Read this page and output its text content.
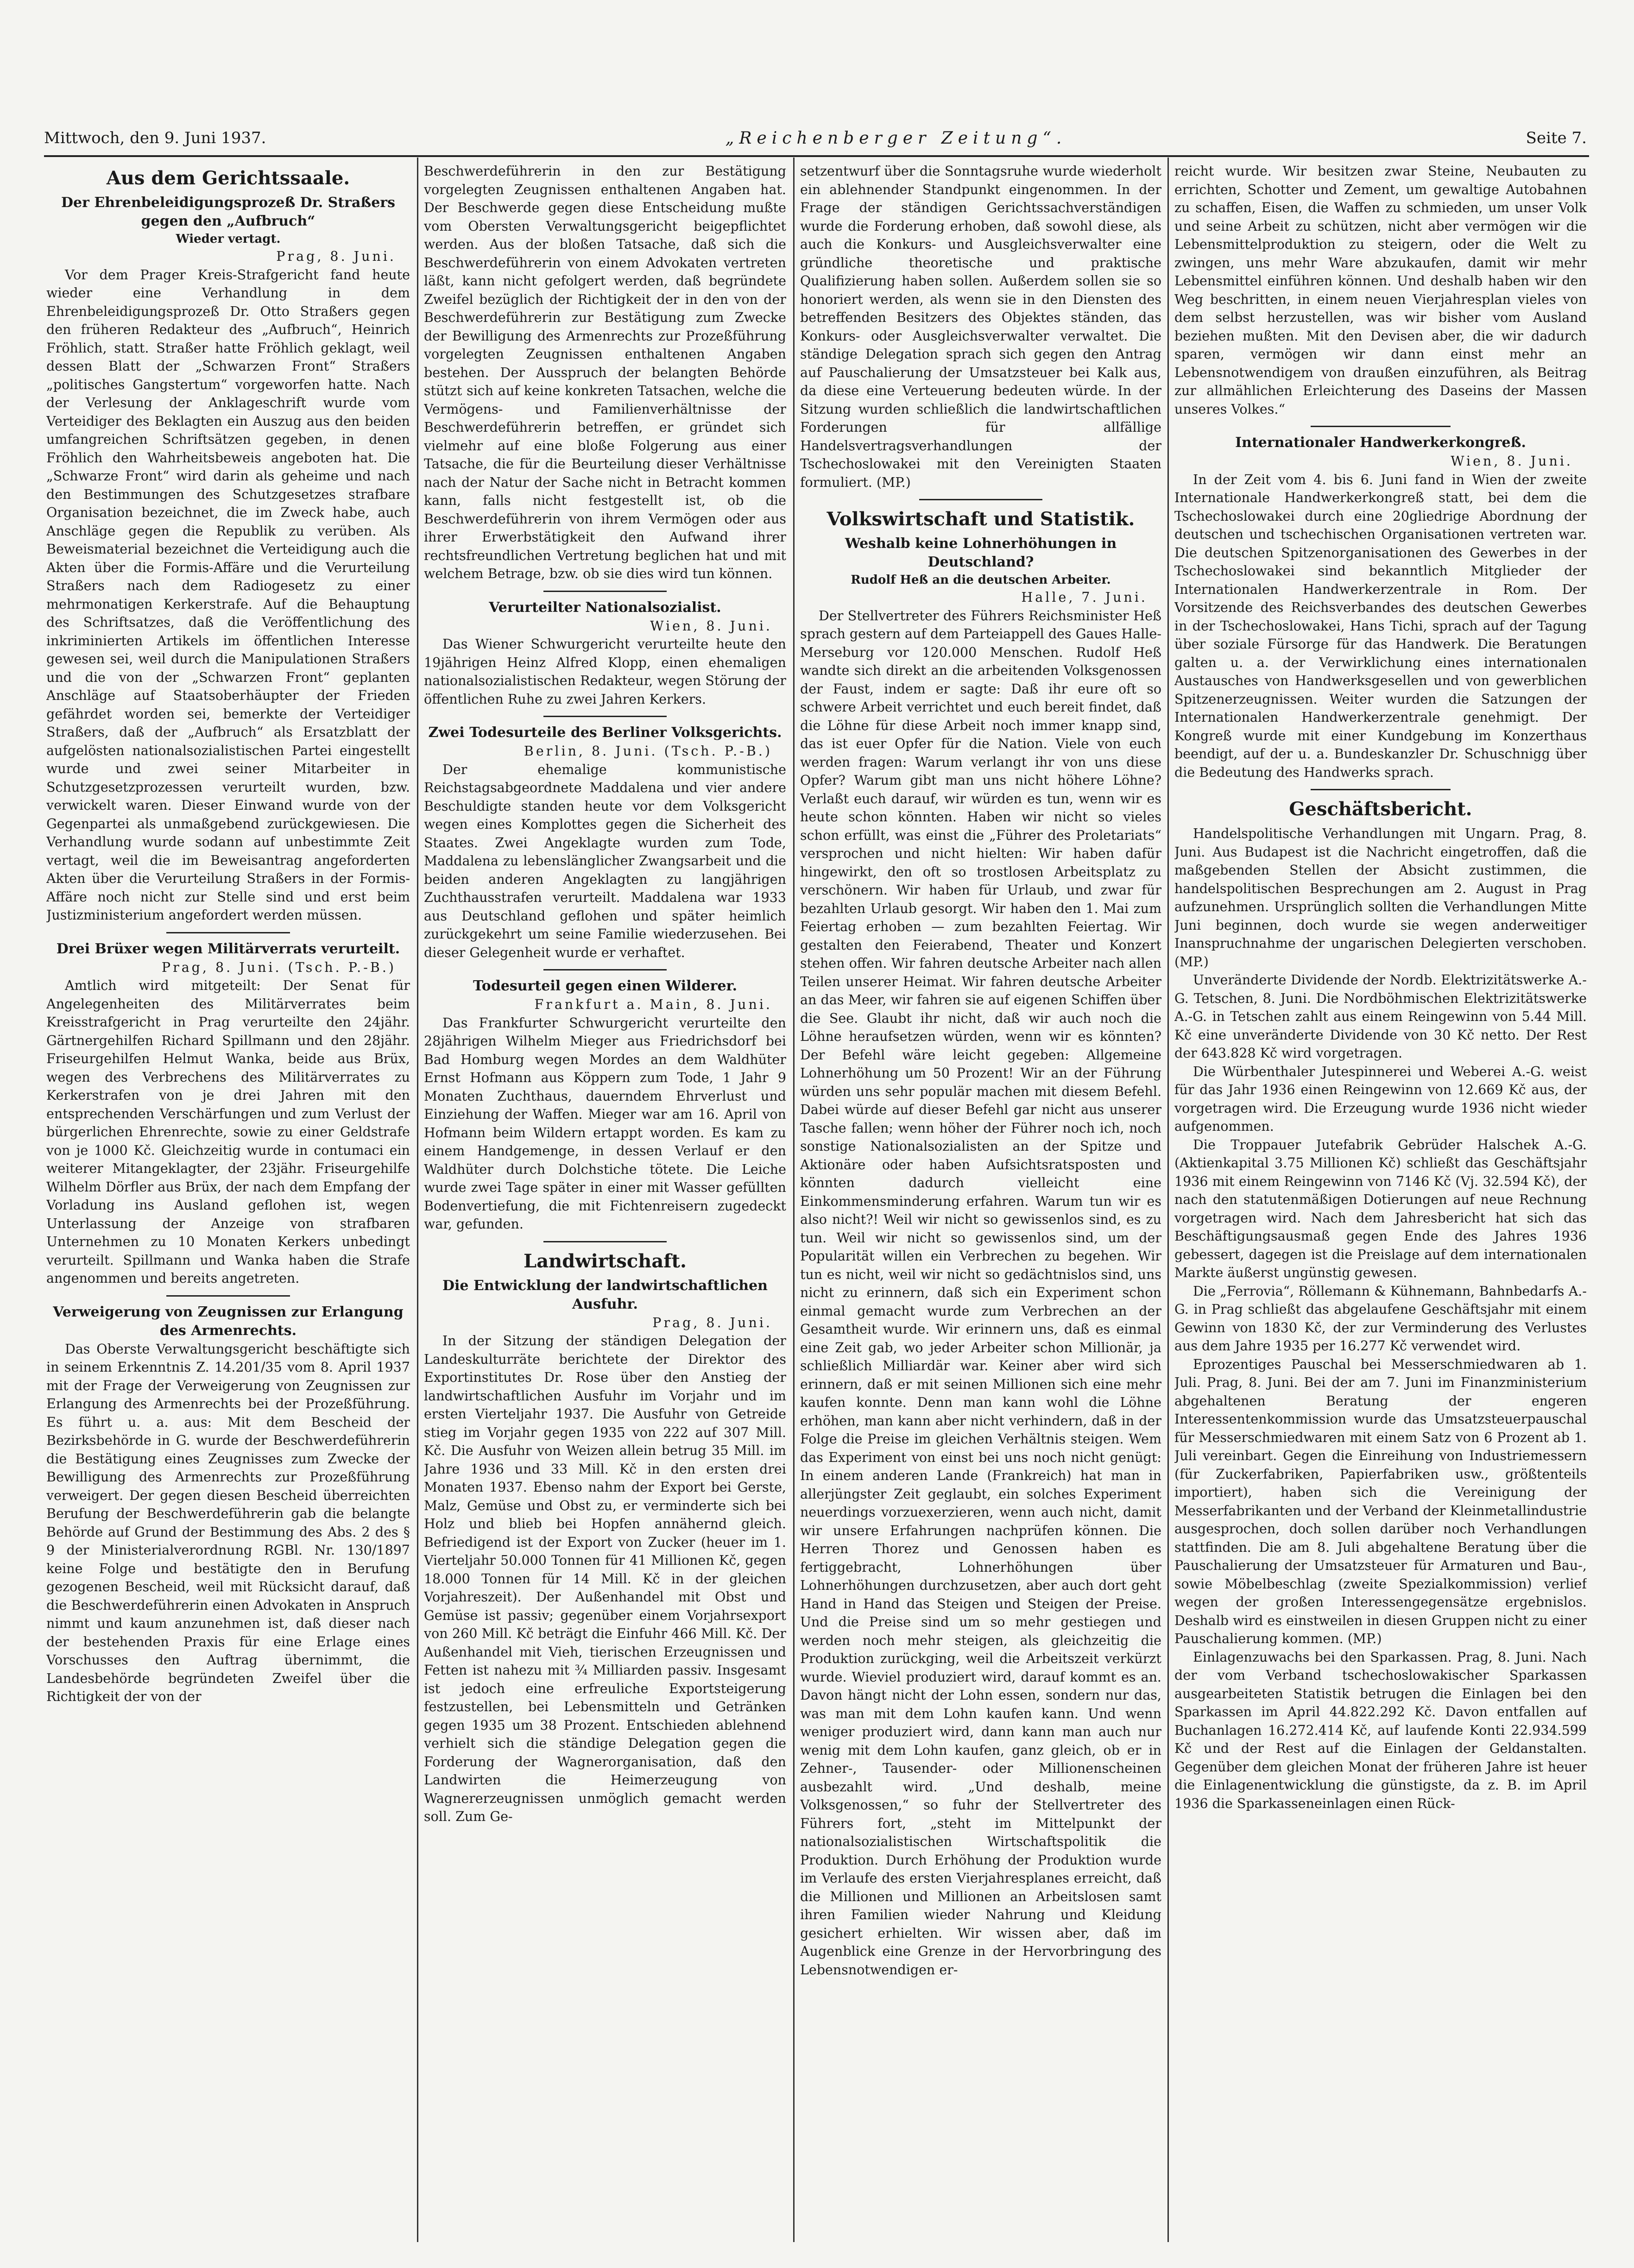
Mittwoch, den 9. Juni 1937.	„Reichenberger Zeitung“.	Seite 7.
Aus dem Gerichtssaale.
Der Ehrenbeleidigungsprozeß Dr. Straßers gegen den „Aufbruch“
Wieder vertagt.
Prag, 8. Juni.

Vor dem Prager Kreis-Strafgericht fand heute wieder eine Verhandlung in dem Ehrenbeleidigungsprozeß Dr. Otto Straßers gegen den früheren Redakteur des „Aufbruch“, Heinrich Fröhlich, statt. Straßer hatte Fröhlich geklagt, weil dessen Blatt der „Schwarzen Front“ Straßers „politisches Gangstertum“ vorgeworfen hatte. Nach der Verlesung der Anklageschrift wurde vom Verteidiger des Beklagten ein Auszug aus den beiden umfangreichen Schriftsätzen gegeben, in denen Fröhlich den Wahrheitsbeweis angeboten hat. Die „Schwarze Front“ wird darin als geheime und nach den Bestimmungen des Schutzgesetzes strafbare Organisation bezeichnet, die im Zweck habe, auch Anschläge gegen die Republik zu verüben. Als Beweismaterial bezeichnet die Verteidigung auch die Akten über die Formis-Affäre und die Verurteilung Straßers nach dem Radiogesetz zu einer mehrmonatigen Kerkerstrafe. Auf die Behauptung des Schriftsatzes, daß die Veröffentlichung des inkriminierten Artikels im öffentlichen Interesse gewesen sei, weil durch die Manipulationen Straßers und die von der „Schwarzen Front“ geplanten Anschläge auf Staatsoberhäupter der Frieden gefährdet worden sei, bemerkte der Verteidiger Straßers, daß der „Aufbruch“ als Ersatzblatt der aufgelösten nationalsozialistischen Partei eingestellt wurde und zwei seiner Mitarbeiter in Schutzgesetzprozessen verurteilt wurden, bzw. verwickelt waren. Dieser Einwand wurde von der Gegenpartei als unmaßgebend zurückgewiesen. Die Verhandlung wurde sodann auf unbestimmte Zeit vertagt, weil die im Beweisantrag angeforderten Akten über die Verurteilung Straßers in der Formis-Affäre noch nicht zur Stelle sind und erst beim Justizministerium angefordert werden müssen.

Drei Brüxer wegen Militärverrats verurteilt.
Prag, 8. Juni. (Tsch. P.-B.)

Amtlich wird mitgeteilt: Der Senat für Angelegenheiten des Militärverrates beim Kreisstrafgericht in Prag verurteilte den 24jähr. Gärtnergehilfen Richard Spillmann und den 28jähr. Friseurgehilfen Helmut Wanka, beide aus Brüx, wegen des Verbrechens des Militärverrates zu Kerkerstrafen von je drei Jahren mit den entsprechenden Verschärfungen und zum Verlust der bürgerlichen Ehrenrechte, sowie zu einer Geldstrafe von je 1000 Kč. Gleichzeitig wurde in contumaci ein weiterer Mitangeklagter, der 23jähr. Friseurgehilfe Wilhelm Dörfler aus Brüx, der nach dem Empfang der Vorladung ins Ausland geflohen ist, wegen Unterlassung der Anzeige von strafbaren Unternehmen zu 10 Monaten Kerkers unbedingt verurteilt. Spillmann und Wanka haben die Strafe angenommen und bereits angetreten.

Verweigerung von Zeugnissen zur Erlangung des Armenrechts.

Das Oberste Verwaltungsgericht beschäftigte sich in seinem Erkenntnis Z. 14.201/35 vom 8. April 1937 mit der Frage der Verweigerung von Zeugnissen zur Erlangung des Armenrechts bei der Prozeßführung. Es führt u. a. aus: Mit dem Bescheid der Bezirksbehörde in G. wurde der Beschwerdeführerin die Bestätigung eines Zeugnisses zum Zwecke der Bewilligung des Armenrechts zur Prozeßführung verweigert. Der gegen diesen Bescheid überreichten Berufung der Beschwerdeführerin gab die belangte Behörde auf Grund der Bestimmung des Abs. 2 des § 9 der Ministerialverordnung RGBl. Nr. 130/1897 keine Folge und bestätigte den in Berufung gezogenen Bescheid, weil mit Rücksicht darauf, daß die Beschwerdeführerin einen Advokaten in Anspruch nimmt und kaum anzunehmen ist, daß dieser nach der bestehenden Praxis für eine Erlage eines Vorschusses den Auftrag übernimmt, die Landesbehörde begründeten Zweifel über die Richtigkeit der von der

Beschwerdeführerin in den zur Bestätigung vorgelegten Zeugnissen enthaltenen Angaben hat. Der Beschwerde gegen diese Entscheidung mußte vom Obersten Verwaltungsgericht beigepflichtet werden. Aus der bloßen Tatsache, daß sich die Beschwerdeführerin von einem Advokaten vertreten läßt, kann nicht gefolgert werden, daß begründete Zweifel bezüglich der Richtigkeit der in den von der Beschwerdeführerin zur Bestätigung zum Zwecke der Bewilligung des Armenrechts zur Prozeßführung vorgelegten Zeugnissen enthaltenen Angaben bestehen. Der Ausspruch der belangten Behörde stützt sich auf keine konkreten Tatsachen, welche die Vermögens- und Familienverhältnisse der Beschwerdeführerin betreffen, er gründet sich vielmehr auf eine bloße Folgerung aus einer Tatsache, die für die Beurteilung dieser Verhältnisse nach der Natur der Sache nicht in Betracht kommen kann, falls nicht festgestellt ist, ob die Beschwerdeführerin von ihrem Vermögen oder aus ihrer Erwerbstätigkeit den Aufwand ihrer rechtsfreundlichen Vertretung beglichen hat und mit welchem Betrage, bzw. ob sie dies wird tun können.

Verurteilter Nationalsozialist.
Wien, 8. Juni.

Das Wiener Schwurgericht verurteilte heute den 19jährigen Heinz Alfred Klopp, einen ehemaligen nationalsozialistischen Redakteur, wegen Störung der öffentlichen Ruhe zu zwei Jahren Kerkers.

Zwei Todesurteile des Berliner Volksgerichts.
Berlin, 8. Juni. (Tsch. P.-B.)

Der ehemalige kommunistische Reichstagsabgeordnete Maddalena und vier andere Beschuldigte standen heute vor dem Volksgericht wegen eines Komplottes gegen die Sicherheit des Staates. Zwei Angeklagte wurden zum Tode, Maddalena zu lebenslänglicher Zwangsarbeit und die beiden anderen Angeklagten zu langjährigen Zuchthausstrafen verurteilt. Maddalena war 1933 aus Deutschland geflohen und später heimlich zurückgekehrt um seine Familie wiederzusehen. Bei dieser Gelegenheit wurde er verhaftet.

Todesurteil gegen einen Wilderer.
Frankfurt a. Main, 8. Juni.

Das Frankfurter Schwurgericht verurteilte den 28jährigen Wilhelm Mieger aus Friedrichsdorf bei Bad Homburg wegen Mordes an dem Waldhüter Ernst Hofmann aus Köppern zum Tode, 1 Jahr 9 Monaten Zuchthaus, dauerndem Ehrverlust und Einziehung der Waffen. Mieger war am 16. April von Hofmann beim Wildern ertappt worden. Es kam zu einem Handgemenge, in dessen Verlauf er den Waldhüter durch Dolchstiche tötete. Die Leiche wurde zwei Tage später in einer mit Wasser gefüllten Bodenvertiefung, die mit Fichtenreisern zugedeckt war, gefunden.

Landwirtschaft.
Die Entwicklung der landwirtschaftlichen Ausfuhr.
Prag, 8. Juni.

In der Sitzung der ständigen Delegation der Landeskulturräte berichtete der Direktor des Exportinstitutes Dr. Rose über den Anstieg der landwirtschaftlichen Ausfuhr im Vorjahr und im ersten Vierteljahr 1937. Die Ausfuhr von Getreide stieg im Vorjahr gegen 1935 von 222 auf 307 Mill. Kč. Die Ausfuhr von Weizen allein betrug 35 Mill. im Jahre 1936 und 33 Mill. Kč in den ersten drei Monaten 1937. Ebenso nahm der Export bei Gerste, Malz, Gemüse und Obst zu, er verminderte sich bei Holz und blieb bei Hopfen annähernd gleich. Befriedigend ist der Export von Zucker (heuer im 1. Vierteljahr 50.000 Tonnen für 41 Millionen Kč, gegen 18.000 Tonnen für 14 Mill. Kč in der gleichen Vorjahreszeit). Der Außenhandel mit Obst und Gemüse ist passiv; gegenüber einem Vorjahrsexport von 260 Mill. Kč beträgt die Einfuhr 466 Mill. Kč. Der Außenhandel mit Vieh, tierischen Erzeugnissen und Fetten ist nahezu mit ¾ Milliarden passiv. Insgesamt ist jedoch eine erfreuliche Exportsteigerung festzustellen, bei Lebensmitteln und Getränken gegen 1935 um 38 Prozent. Entschieden ablehnend verhielt sich die ständige Delegation gegen die Forderung der Wagnerorganisation, daß den Landwirten die Heimerzeugung von Wagnererzeugnissen unmöglich gemacht werden soll. Zum Ge-

setzentwurf über die Sonntagsruhe wurde wiederholt ein ablehnender Standpunkt eingenommen. In der Frage der ständigen Gerichtssachverständigen wurde die Forderung erhoben, daß sowohl diese, als auch die Konkurs- und Ausgleichsverwalter eine gründliche theoretische und praktische Qualifizierung haben sollen. Außerdem sollen sie so honoriert werden, als wenn sie in den Diensten des betreffenden Besitzers des Objektes ständen, das Konkurs- oder Ausgleichsverwalter verwaltet. Die ständige Delegation sprach sich gegen den Antrag auf Pauschalierung der Umsatzsteuer bei Kalk aus, da diese eine Verteuerung bedeuten würde. In der Sitzung wurden schließlich die landwirtschaftlichen Forderungen für allfällige Handelsvertragsverhandlungen der Tschechoslowakei mit den Vereinigten Staaten formuliert. (MP.)

Volkswirtschaft und Statistik.
Weshalb keine Lohnerhöhungen in Deutschland?
Rudolf Heß an die deutschen Arbeiter.
Halle, 7. Juni.

Der Stellvertreter des Führers Reichsminister Heß sprach gestern auf dem Parteiappell des Gaues Halle-Merseburg vor 120.000 Menschen. Rudolf Heß wandte sich direkt an die arbeitenden Volksgenossen der Faust, indem er sagte: Daß ihr eure oft so schwere Arbeit verrichtet und euch bereit findet, daß die Löhne für diese Arbeit noch immer knapp sind, das ist euer Opfer für die Nation. Viele von euch werden fragen: Warum verlangt ihr von uns diese Opfer? Warum gibt man uns nicht höhere Löhne? Verlaßt euch darauf, wir würden es tun, wenn wir es heute schon könnten. Haben wir nicht so vieles schon erfüllt, was einst die „Führer des Proletariats“ versprochen und nicht hielten: Wir haben dafür hingewirkt, den oft so trostlosen Arbeitsplatz zu verschönern. Wir haben für Urlaub, und zwar für bezahlten Urlaub gesorgt. Wir haben den 1. Mai zum Feiertag erhoben — zum bezahlten Feiertag. Wir gestalten den Feierabend, Theater und Konzert stehen offen. Wir fahren deutsche Arbeiter nach allen Teilen unserer Heimat. Wir fahren deutsche Arbeiter an das Meer, wir fahren sie auf eigenen Schiffen über die See. Glaubt ihr nicht, daß wir auch noch die Löhne heraufsetzen würden, wenn wir es könnten? Der Befehl wäre leicht gegeben: Allgemeine Lohnerhöhung um 50 Prozent! Wir an der Führung würden uns sehr populär machen mit diesem Befehl. Dabei würde auf dieser Befehl gar nicht aus unserer Tasche fallen; wenn höher der Führer noch ich, noch sonstige Nationalsozialisten an der Spitze und Aktionäre oder haben Aufsichtsratsposten und könnten dadurch vielleicht eine Einkommensminderung erfahren. Warum tun wir es also nicht?! Weil wir nicht so gewissenlos sind, es zu tun. Weil wir nicht so gewissenlos sind, um der Popularität willen ein Verbrechen zu begehen. Wir tun es nicht, weil wir nicht so gedächtnislos sind, uns nicht zu erinnern, daß sich ein Experiment schon einmal gemacht wurde zum Verbrechen an der Gesamtheit wurde. Wir erinnern uns, daß es einmal eine Zeit gab, wo jeder Arbeiter schon Millionär, ja schließlich Milliardär war. Keiner aber wird sich erinnern, daß er mit seinen Millionen sich eine mehr kaufen konnte. Denn man kann wohl die Löhne erhöhen, man kann aber nicht verhindern, daß in der Folge die Preise im gleichen Verhältnis steigen. Wem das Experiment von einst bei uns noch nicht genügt: In einem anderen Lande (Frankreich) hat man in allerjüngster Zeit geglaubt, ein solches Experiment neuerdings vorzuexerzieren, wenn auch nicht, damit wir unsere Erfahrungen nachprüfen können. Die Herren Thorez und Genossen haben es fertiggebracht, Lohnerhöhungen über Lohnerhöhungen durchzusetzen, aber auch dort geht Hand in Hand das Steigen und Steigen der Preise. Und die Preise sind um so mehr gestiegen und werden noch mehr steigen, als gleichzeitig die Produktion zurückging, weil die Arbeitszeit verkürzt wurde. Wieviel produziert wird, darauf kommt es an. Davon hängt nicht der Lohn essen, sondern nur das, was man mit dem Lohn kaufen kann. Und wenn weniger produziert wird, dann kann man auch nur wenig mit dem Lohn kaufen, ganz gleich, ob er in Zehner-, Tausender- oder Millionenscheinen ausbezahlt wird. „Und deshalb, meine Volksgenossen,“ so fuhr der Stellvertreter des Führers fort, „steht im Mittelpunkt der nationalsozialistischen Wirtschaftspolitik die Produktion. Durch Erhöhung der Produktion wurde im Verlaufe des ersten Vierjahresplanes erreicht, daß die Millionen und Millionen an Arbeitslosen samt ihren Familien wieder Nahrung und Kleidung gesichert erhielten. Wir wissen aber, daß im Augenblick eine Grenze in der Hervorbringung des Lebensnotwendigen er-

reicht wurde. Wir besitzen zwar Steine, Neubauten zu errichten, Schotter und Zement, um gewaltige Autobahnen zu schaffen, Eisen, die Waffen zu schmieden, um unser Volk und seine Arbeit zu schützen, nicht aber vermögen wir die Lebensmittelproduktion zu steigern, oder die Welt zu zwingen, uns mehr Ware abzukaufen, damit wir mehr Lebensmittel einführen können. Und deshalb haben wir den Weg beschritten, in einem neuen Vierjahresplan vieles von dem selbst herzustellen, was wir bisher vom Ausland beziehen mußten. Mit den Devisen aber, die wir dadurch sparen, vermögen wir dann einst mehr an Lebensnotwendigem von draußen einzuführen, als Beitrag zur allmählichen Erleichterung des Daseins der Massen unseres Volkes.“

Internationaler Handwerkerkongreß.
Wien, 8. Juni.

In der Zeit vom 4. bis 6. Juni fand in Wien der zweite Internationale Handwerkerkongreß statt, bei dem die Tschechoslowakei durch eine 20gliedrige Abordnung der deutschen und tschechischen Organisationen vertreten war. Die deutschen Spitzenorganisationen des Gewerbes in der Tschechoslowakei sind bekanntlich Mitglieder der Internationalen Handwerkerzentrale in Rom. Der Vorsitzende des Reichsverbandes des deutschen Gewerbes in der Tschechoslowakei, Hans Tichi, sprach auf der Tagung über soziale Fürsorge für das Handwerk. Die Beratungen galten u. a. der Verwirklichung eines internationalen Austausches von Handwerksgesellen und von gewerblichen Spitzenerzeugnissen. Weiter wurden die Satzungen der Internationalen Handwerkerzentrale genehmigt. Der Kongreß wurde mit einer Kundgebung im Konzerthaus beendigt, auf der u. a. Bundeskanzler Dr. Schuschnigg über die Bedeutung des Handwerks sprach.

Geschäftsbericht.

Handelspolitische Verhandlungen mit Ungarn. Prag, 8. Juni. Aus Budapest ist die Nachricht eingetroffen, daß die maßgebenden Stellen der Absicht zustimmen, die handelspolitischen Besprechungen am 2. August in Prag aufzunehmen. Ursprünglich sollten die Verhandlungen Mitte Juni beginnen, doch wurde sie wegen anderweitiger Inanspruchnahme der ungarischen Delegierten verschoben. (MP.)

Unveränderte Dividende der Nordb. Elektrizitätswerke A.-G. Tetschen, 8. Juni. Die Nordböhmischen Elektrizitätswerke A.-G. in Tetschen zahlt aus einem Reingewinn von 5.44 Mill. Kč eine unveränderte Dividende von 30 Kč netto. Der Rest der 643.828 Kč wird vorgetragen.

Die Würbenthaler Jutespinnerei und Weberei A.-G. weist für das Jahr 1936 einen Reingewinn von 12.669 Kč aus, der vorgetragen wird. Die Erzeugung wurde 1936 nicht wieder aufgenommen.

Die Troppauer Jutefabrik Gebrüder Halschek A.-G. (Aktienkapital 3.75 Millionen Kč) schließt das Geschäftsjahr 1936 mit einem Reingewinn von 7146 Kč (Vj. 32.594 Kč), der nach den statutenmäßigen Dotierungen auf neue Rechnung vorgetragen wird. Nach dem Jahresbericht hat sich das Beschäftigungsausmaß gegen Ende des Jahres 1936 gebessert, dagegen ist die Preislage auf dem internationalen Markte äußerst ungünstig gewesen.

Die „Ferrovia“, Röllemann & Kühnemann, Bahnbedarfs A.-G. in Prag schließt das abgelaufene Geschäftsjahr mit einem Gewinn von 1830 Kč, der zur Verminderung des Verlustes aus dem Jahre 1935 per 16.277 Kč verwendet wird.

Eprozentiges Pauschal bei Messerschmiedwaren ab 1. Juli. Prag, 8. Juni. Bei der am 7. Juni im Finanzministerium abgehaltenen Beratung der engeren Interessentenkommission wurde das Umsatzsteuerpauschal für Messerschmiedwaren mit einem Satz von 6 Prozent ab 1. Juli vereinbart. Gegen die Einreihung von Industriemessern (für Zuckerfabriken, Papierfabriken usw., größtenteils importiert), haben sich die Vereinigung der Messerfabrikanten und der Verband der Kleinmetallindustrie ausgesprochen, doch sollen darüber noch Verhandlungen stattfinden. Die am 8. Juli abgehaltene Beratung über die Pauschalierung der Umsatzsteuer für Armaturen und Bau-, sowie Möbelbeschlag (zweite Spezialkommission) verlief wegen der großen Interessengegensätze ergebnislos. Deshalb wird es einstweilen in diesen Gruppen nicht zu einer Pauschalierung kommen. (MP.)

Einlagenzuwachs bei den Sparkassen. Prag, 8. Juni. Nach der vom Verband tschechoslowakischer Sparkassen ausgearbeiteten Statistik betrugen die Einlagen bei den Sparkassen im April 44.822.292 Kč. Davon entfallen auf Buchanlagen 16.272.414 Kč, auf laufende Konti 22.934.599 Kč und der Rest auf die Einlagen der Geldanstalten. Gegenüber dem gleichen Monat der früheren Jahre ist heuer die Einlagenentwicklung die günstigste, da z. B. im April 1936 die Sparkasseneinlagen einen Rück-
